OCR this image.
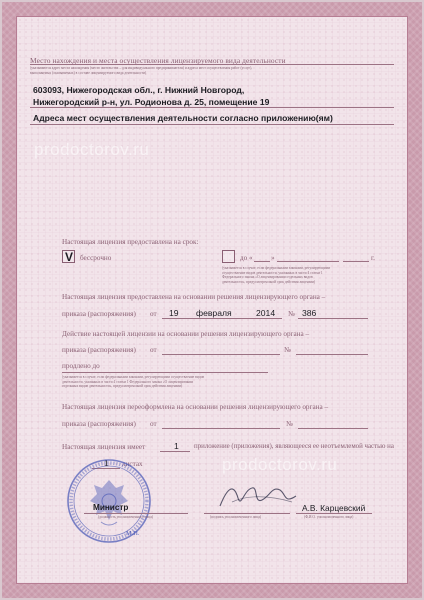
Место нахождения и места осуществления лицензируемого вида деятельности
(указываются адрес места нахождения (место жительства – для индивидуального предпринимателя) и адреса мест осуществления работ (услуг),
выполняемых (оказываемых) в составе лицензируемого вида деятельности)
603093, Нижегородская обл., г. Нижний Новгород,
Нижегородский р-н, ул. Родионова д. 25, помещение 19
Адреса мест осуществления деятельности согласно приложению(ям)
prodoctorov.ru
Настоящая лицензия предоставлена на срок:
V бессрочно	до «	»	г.
(указывается в случае, если федеральными законами, регулирующими
осуществление видов деятельности, указанных в части 4 статьи 1
Федерального закона «О лицензировании отдельных видов
деятельности», предусмотрен иной срок действия лицензии)
Настоящая лицензия предоставлена на основании решения лицензирующего органа –
приказа (распоряжения) от 19 февраля	2014 № 386
Действие настоящей лицензии на основании решения лицензирующего органа –
приказа (распоряжения) от	№
продлено до
(указывается в случае, если федеральными законами, регулирующими осуществление видов
деятельности, указанных в части 4 статьи 1 Федерального закона «О лицензировании
отдельных видов деятельности», предусмотрен иной срок действия лицензии)
Настоящая лицензия переоформлена на основании решения лицензирующего органа –
приказа (распоряжения) от	№
Настоящая лицензия имеет	1 приложение (приложения), являющееся ее неотъемлемой частью на
1 листах	prodoctorov.ru
Министр
(должность уполномоченного лица)	(подпись уполномоченного лица)
А.В. Карцевский
(Ф.И.О. уполномоченного лица)
М.П.
